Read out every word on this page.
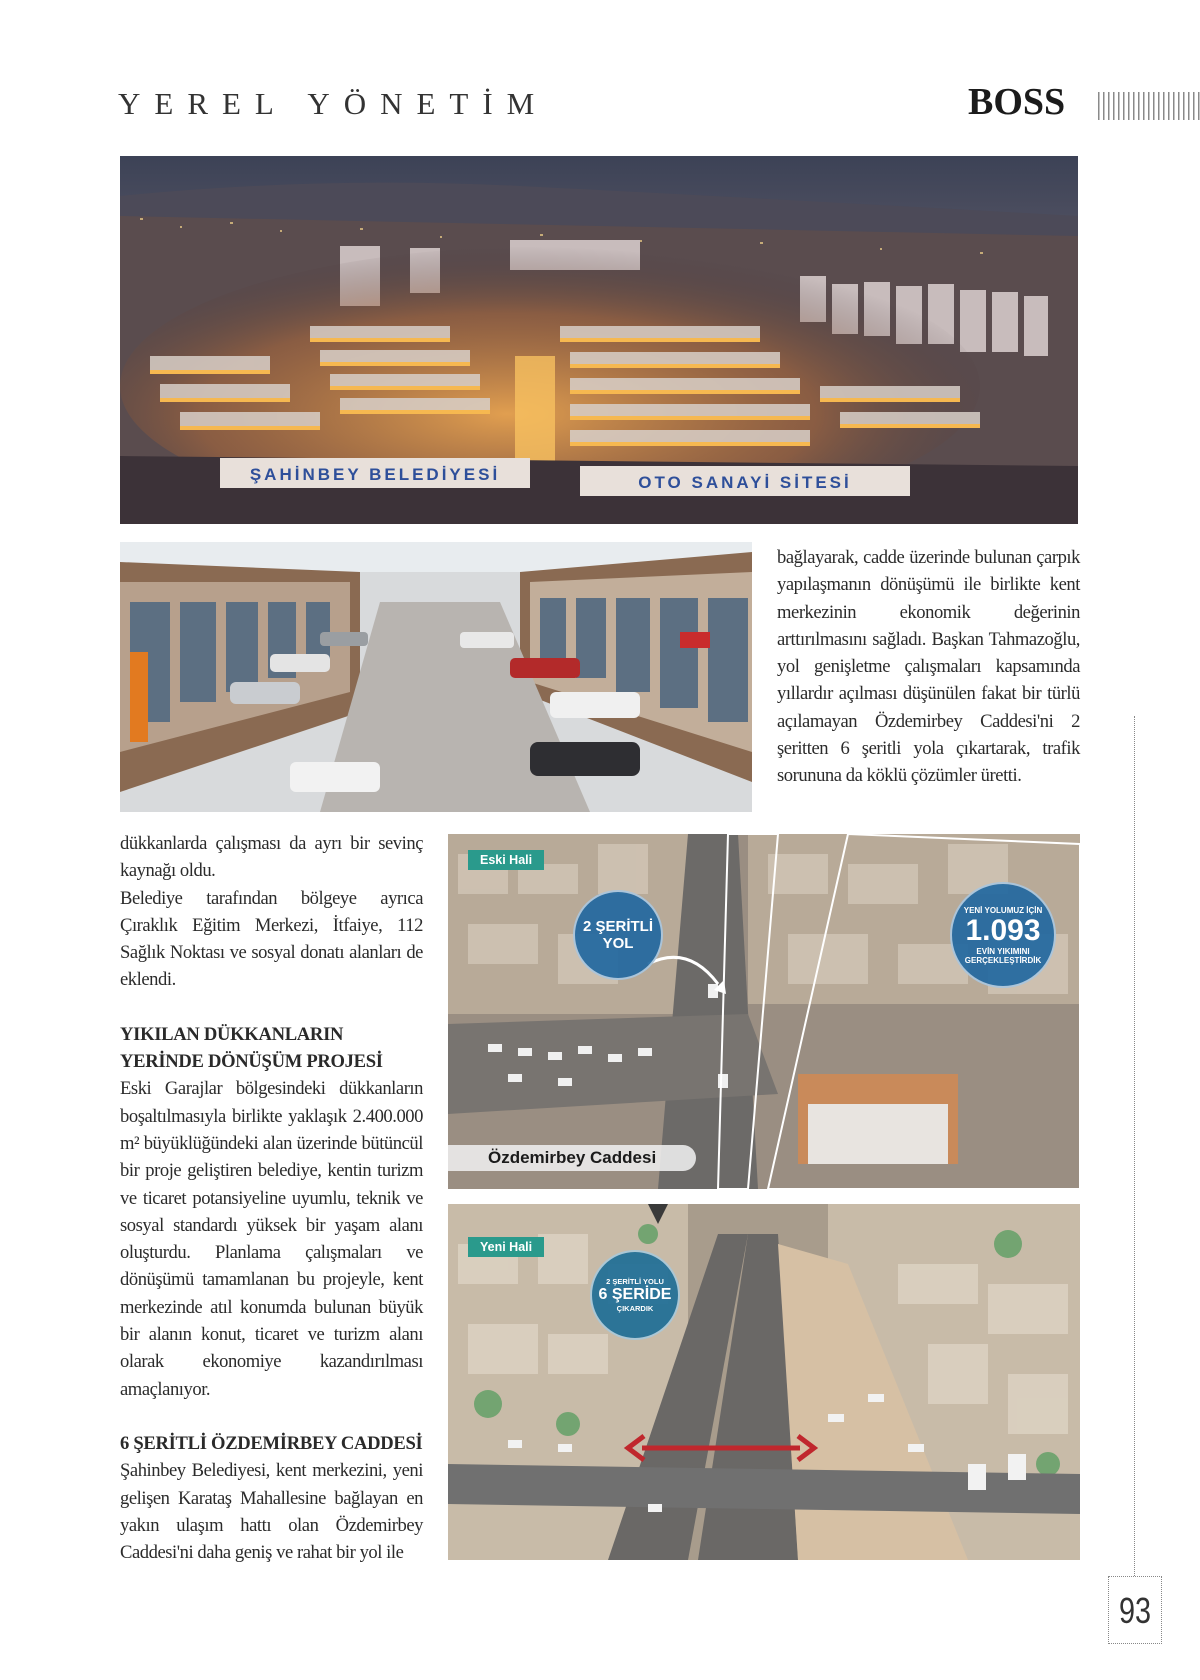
YEREL YÖNETİM	BOSS
ŞAHİNBEY BELEDİYESİ	OTO SANAYİ SİTESİ

bağlayarak, cadde üzerinde bulunan çarpık yapılaşmanın dönüşümü ile birlikte kent merkezinin ekonomik değerinin arttırılmasını sağladı. Başkan Tahmazoğlu, yol genişletme çalışmaları kapsamında yıllardır açılması düşünülen fakat bir türlü açılamayan Özdemirbey Caddesi'ni 2 şeritten 6 şeritli yola çıkartarak, trafik sorununa da köklü çözümler üretti.

dükkanlarda çalışması da ayrı bir sevinç kaynağı oldu.

Belediye tarafından bölgeye ayrıca Çıraklık Eğitim Merkezi, İtfaiye, 112 Sağlık Noktası ve sosyal donatı alanları de eklendi.

YIKILAN DÜKKANLARIN YERİNDE DÖNÜŞÜM PROJESİ

Eski Garajlar bölgesindeki dükkanların boşaltılmasıyla birlikte yaklaşık 2.400.000 m² büyüklüğündeki alan üzerinde bütüncül bir proje geliştiren belediye, kentin turizm ve ticaret potansiyeline uyumlu, teknik ve sosyal standardı yüksek bir yaşam alanı oluşturdu. Planlama çalışmaları ve dönüşümü tamamlanan bu projeyle, kent merkezinde atıl konumda bulunan büyük bir alanın konut, ticaret ve turizm alanı olarak ekonomiye kazandırılması amaçlanıyor.

6 ŞERİTLİ ÖZDEMİRBEY CADDESİ

Şahinbey Belediyesi, kent merkezini, yeni gelişen Karataş Mahallesine bağlayan en yakın ulaşım hattı olan Özdemirbey Caddesi'ni daha geniş ve rahat bir yol ile

Eski Hali
2 ŞERİTLİ
YOL
YENİ YOLUMUZ İÇİN
1.093
EVİN YIKIMINI
GERÇEKLEŞTİRDİK
Özdemirbey Caddesi
Yeni Hali
2 ŞERİTLİ YOLU
6 ŞERİDE
ÇIKARDIK
93
